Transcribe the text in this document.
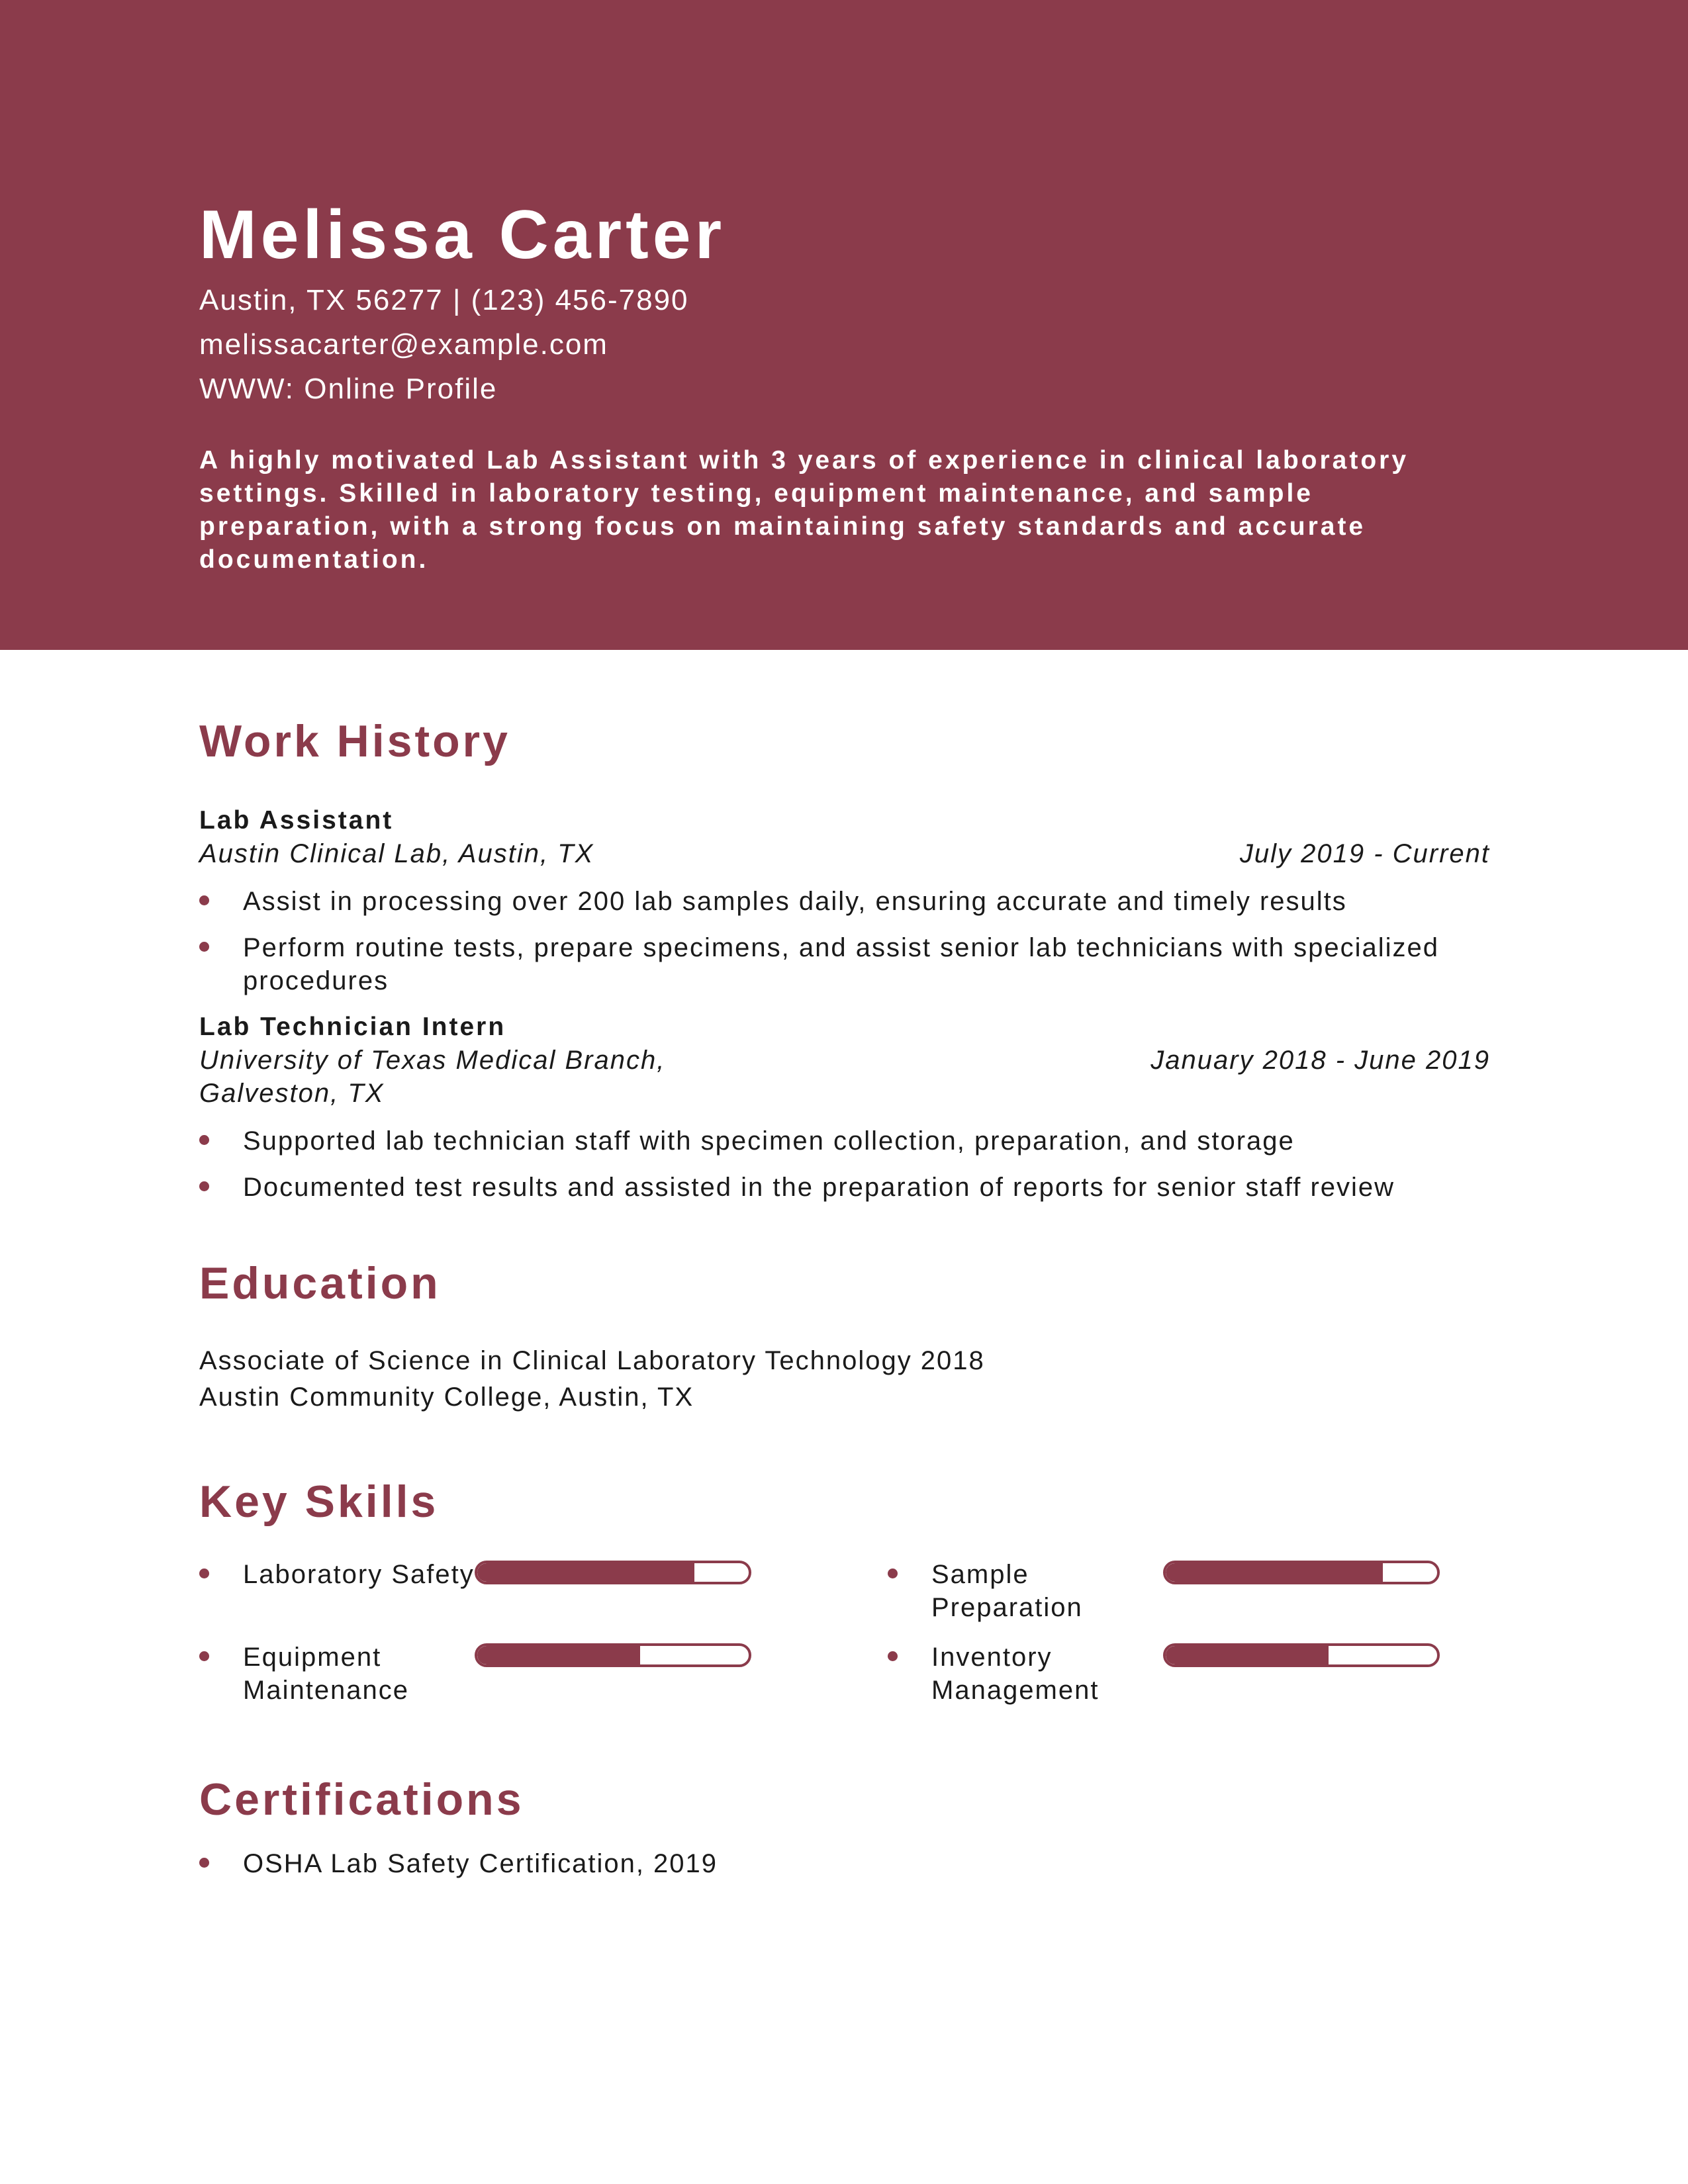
Melissa Carter
Austin, TX 56277 | (123) 456-7890
melissacarter@example.com
WWW: Online Profile
A highly motivated Lab Assistant with 3 years of experience in clinical laboratory settings. Skilled in laboratory testing, equipment maintenance, and sample preparation, with a strong focus on maintaining safety standards and accurate documentation.
Work History
Lab Assistant
Austin Clinical Lab, Austin, TX	July 2019 - Current
Assist in processing over 200 lab samples daily, ensuring accurate and timely results
Perform routine tests, prepare specimens, and assist senior lab technicians with specialized procedures
Lab Technician Intern
University of Texas Medical Branch, Galveston, TX
January 2018 - June 2019
Supported lab technician staff with specimen collection, preparation, and storage
Documented test results and assisted in the preparation of reports for senior staff review
Education
Associate of Science in Clinical Laboratory Technology 2018
Austin Community College, Austin, TX
Key Skills
Laboratory Safety	Sample Preparation
Equipment Maintenance
Inventory Management
Certifications
OSHA Lab Safety Certification, 2019
